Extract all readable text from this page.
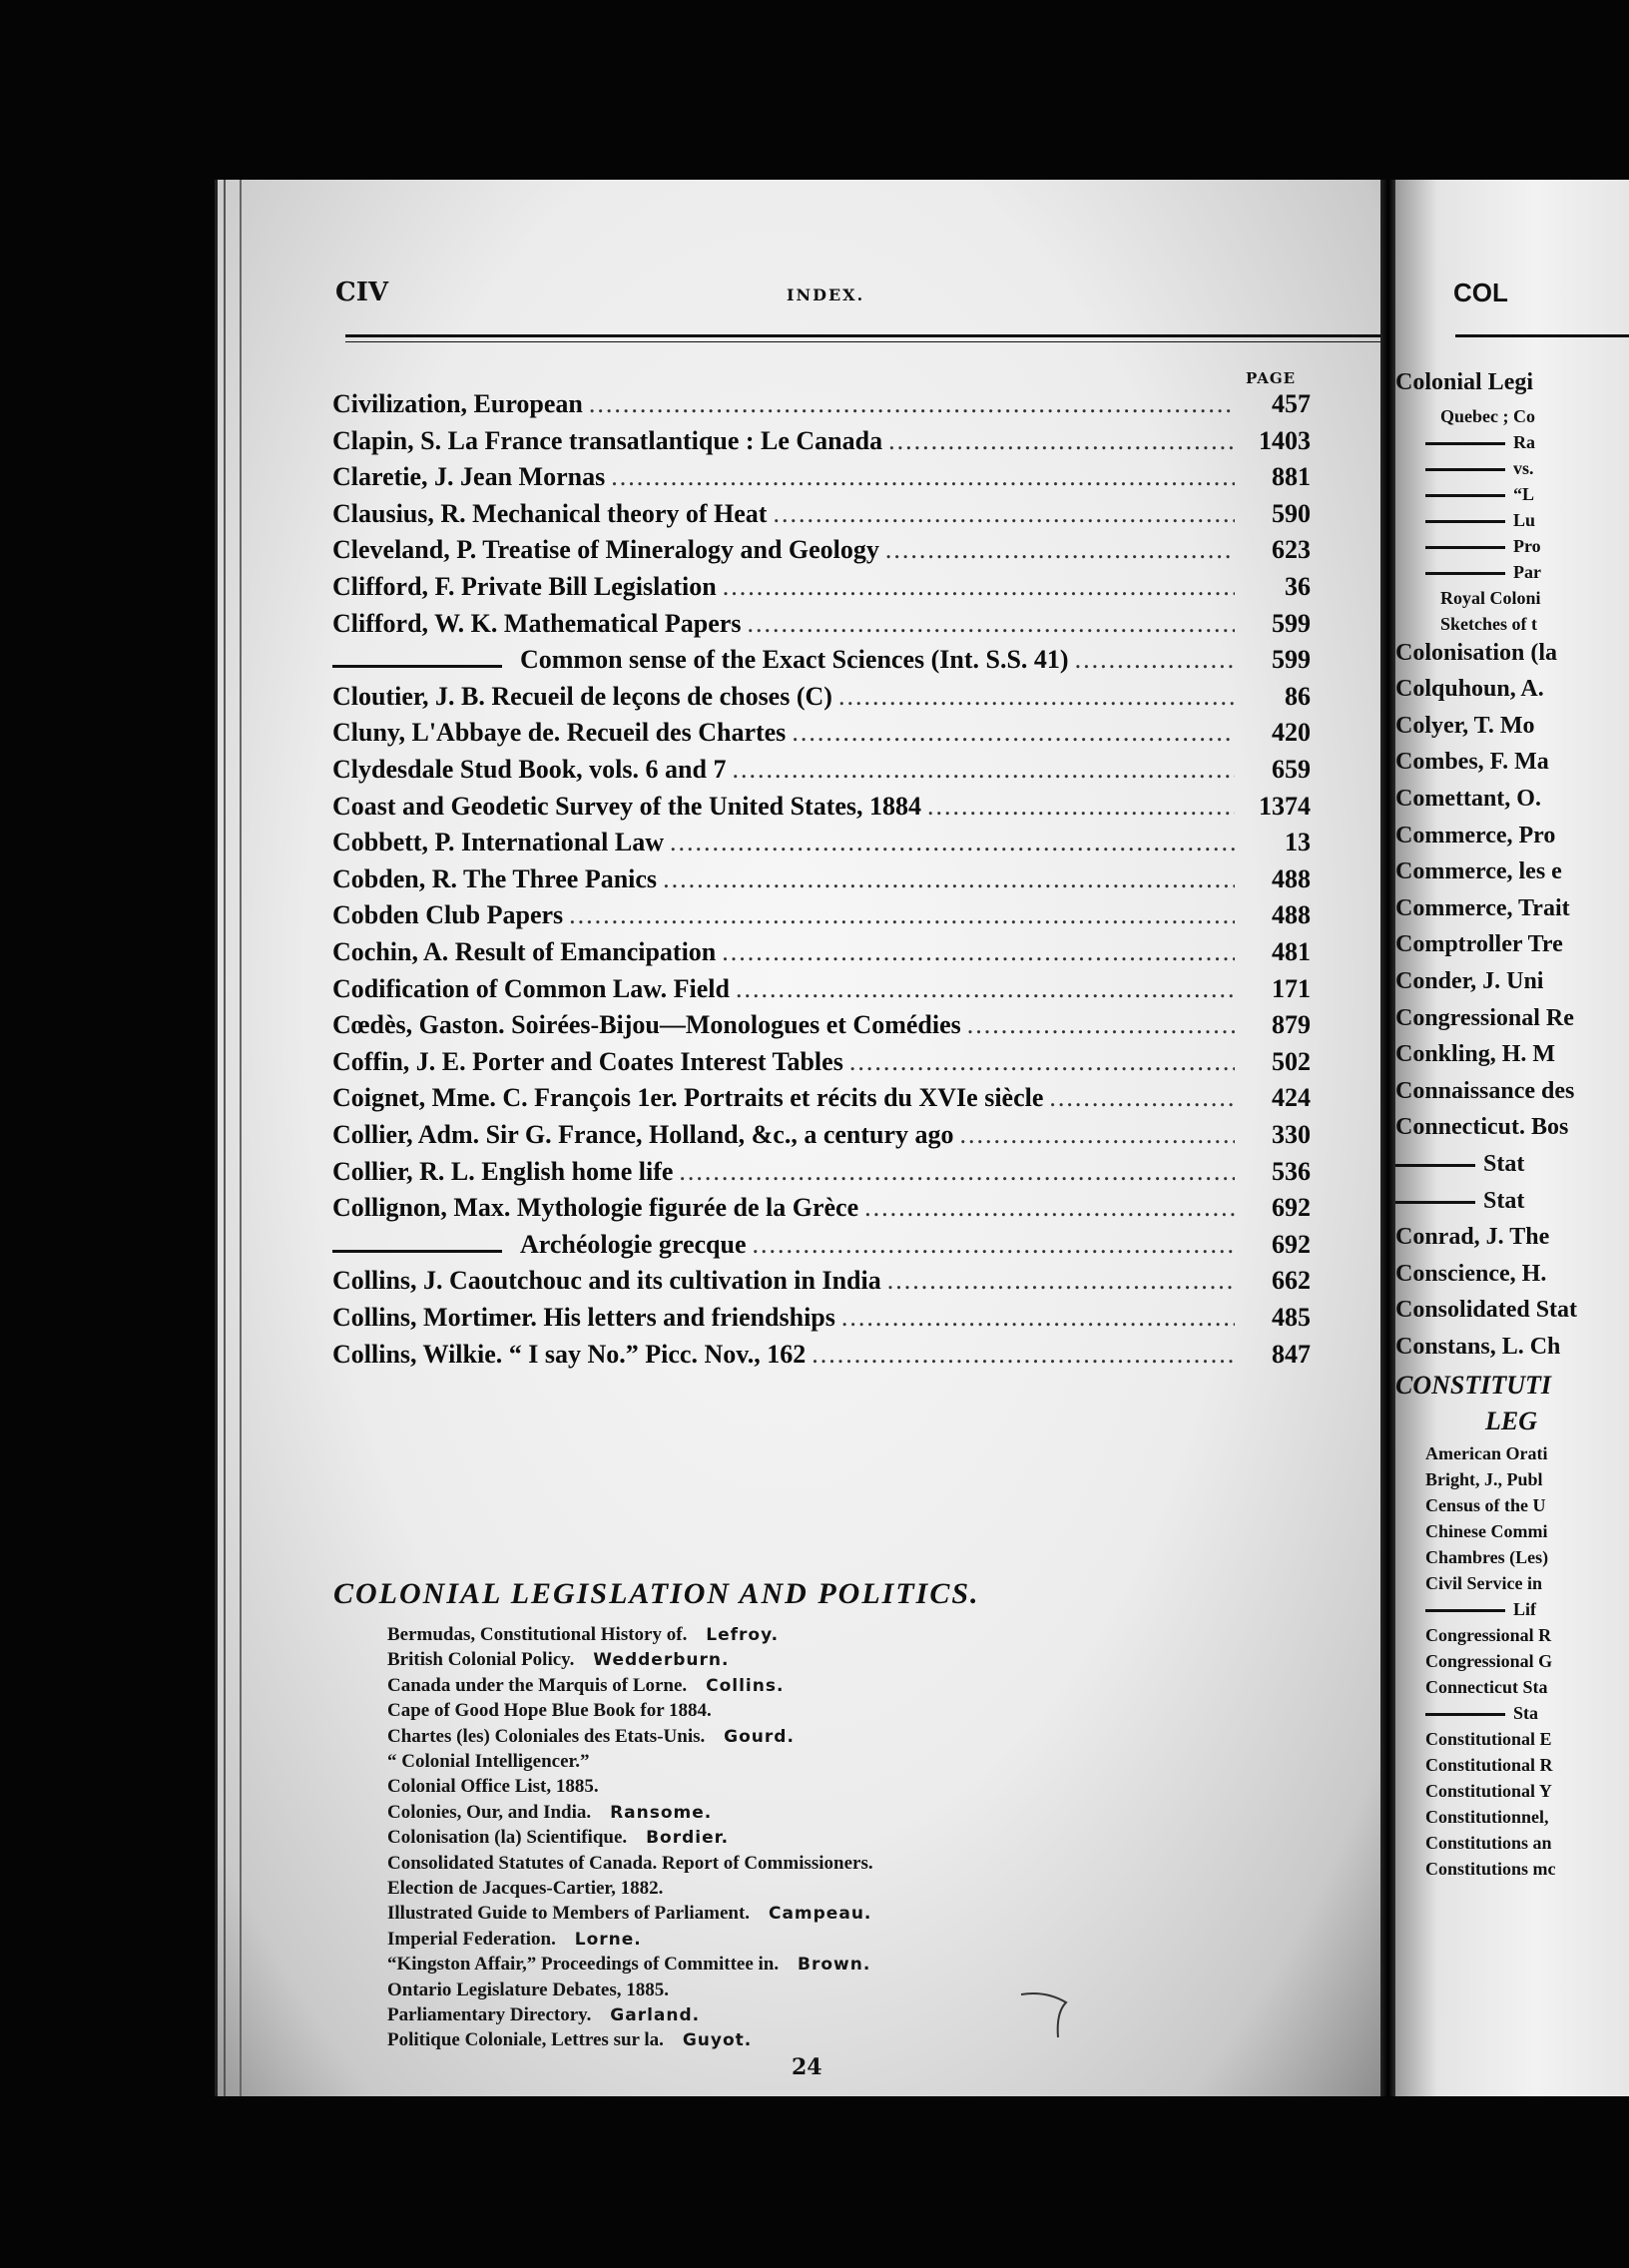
CIV	INDEX.
PAGE
Civilization, European .....	457
Clapin, S. La France transatlantique : Le Canada .....	1403
Claretie, J. Jean Mornas .....	881
Clausius, R. Mechanical theory of Heat .....	590
Cleveland, P. Treatise of Mineralogy and Geology .....	623
Clifford, F. Private Bill Legislation .....	36
Clifford, W. K. Mathematical Papers .....	599
Common sense of the Exact Sciences (Int. S.S. 41) .....	599
Cloutier, J. B. Recueil de leçons de choses (C) .....	86
Cluny, L'Abbaye de. Recueil des Chartes .....	420
Clydesdale Stud Book, vols. 6 and 7 .....	659
Coast and Geodetic Survey of the United States, 1884 .....	1374
Cobbett, P. International Law .....	13
Cobden, R. The Three Panics .....	488
Cobden Club Papers .....	488
Cochin, A. Result of Emancipation .....	481
Codification of Common Law. Field .....	171
Cœdès, Gaston. Soirées-Bijou—Monologues et Comédies .....	879
Coffin, J. E. Porter and Coates Interest Tables .....	502
Coignet, Mme. C. François 1er. Portraits et récits du XVIe siècle .....	424
Collier, Adm. Sir G. France, Holland, &c., a century ago .....	330
Collier, R. L. English home life .....	536
Collignon, Max. Mythologie figurée de la Grèce .....	692
Archéologie grecque .....	692
Collins, J. Caoutchouc and its cultivation in India .....	662
Collins, Mortimer. His letters and friendships .....	485
Collins, Wilkie. “ I say No.” Picc. Nov., 162 .....	847
COLONIAL LEGISLATION AND POLITICS.
Bermudas, Constitutional History of. Lefroy.
British Colonial Policy. Wedderburn.
Canada under the Marquis of Lorne. Collins.
Cape of Good Hope Blue Book for 1884.
Chartes (les) Coloniales des Etats-Unis. Gourd.
“ Colonial Intelligencer.”
Colonial Office List, 1885.
Colonies, Our, and India. Ransome.
Colonisation (la) Scientifique. Bordier.
Consolidated Statutes of Canada. Report of Commissioners.
Election de Jacques-Cartier, 1882.
Illustrated Guide to Members of Parliament. Campeau.
Imperial Federation. Lorne.
“Kingston Affair,” Proceedings of Committee in. Brown.
Ontario Legislature Debates, 1885.
Parliamentary Directory. Garland.
Politique Coloniale, Lettres sur la. Guyot.
24
COL
Colonial Legi
Quebec ; Co
Ra
vs.
“L
Lu
Pro
Par
Royal Coloni
Sketches of t
Colonisation (la
Colquhoun, A.
Colyer, T. Mo
Combes, F. Ma
Comettant, O.
Commerce, Pro
Commerce, les e
Commerce, Trait
Comptroller Tre
Conder, J. Uni
Congressional Re
Conkling, H. M
Connaissance des
Connecticut. Bos
Stat
Stat
Conrad, J. The
Conscience, H.
Consolidated Stat
Constans, L. Ch
CONSTITUTI
LEG
American Orati
Bright, J., Publ
Census of the U
Chinese Commi
Chambres (Les)
Civil Service in
Lif
Congressional R
Congressional G
Connecticut Sta
Sta
Constitutional E
Constitutional R
Constitutional Y
Constitutionnel,
Constitutions an
Constitutions mc
